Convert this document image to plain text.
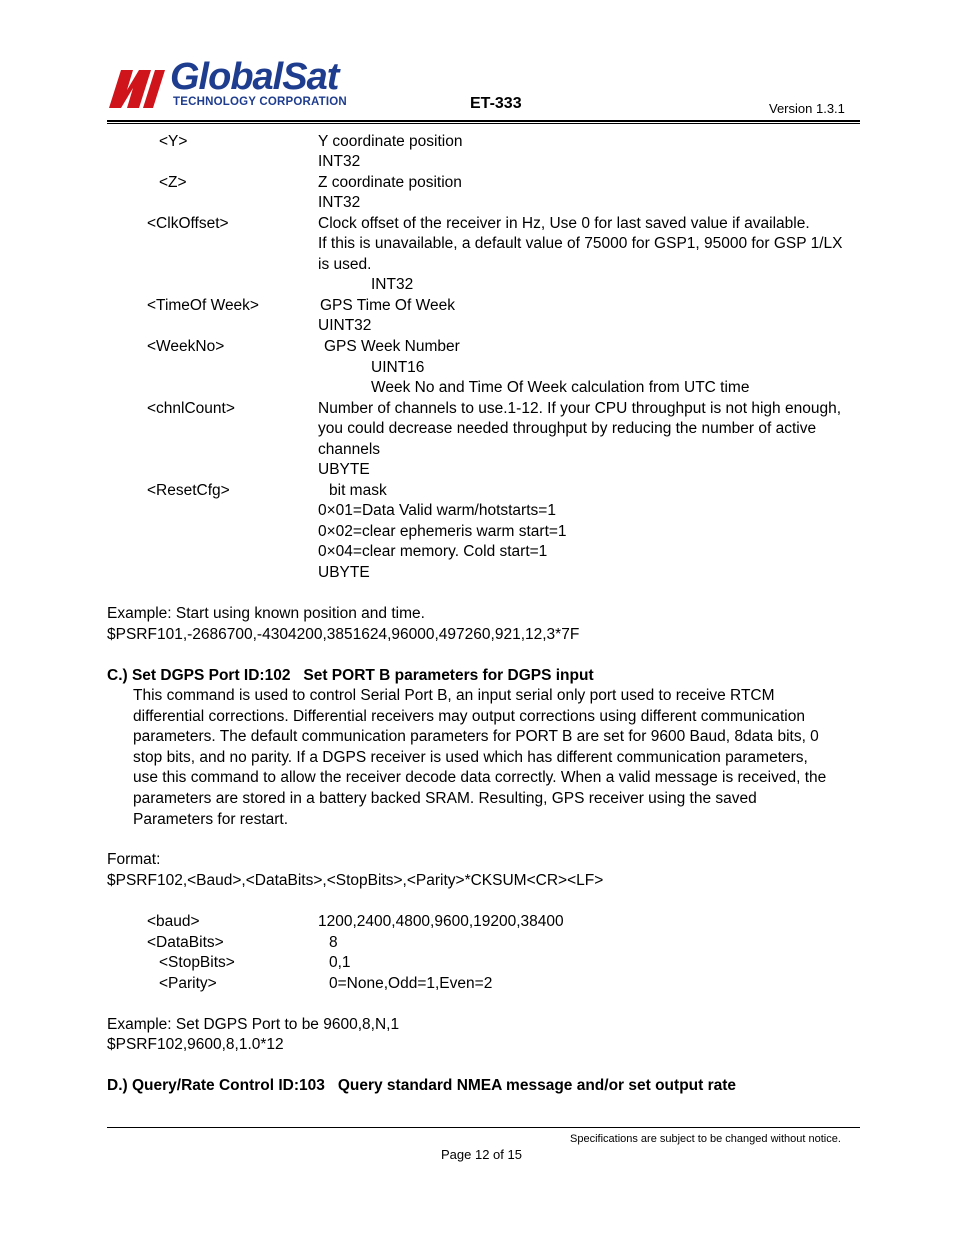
GlobalSat
TECHNOLOGY CORPORATION	ET-333	Version 1.3.1
<Y>	Y coordinate position
INT32
<Z>	Z coordinate position
INT32
<ClkOffset>	Clock offset of the receiver in Hz, Use 0 for last saved value if available.
If this is unavailable, a default value of 75000 for GSP1, 95000 for GSP 1/LX
is used.
INT32
<TimeOf Week>	GPS Time Of Week
UINT32
<WeekNo>	GPS Week Number
UINT16
Week No and Time Of Week calculation from UTC time
<chnlCount>	Number of channels to use.1-12. If your CPU throughput is not high enough,
you could decrease needed throughput by reducing the number of active
channels
UBYTE
<ResetCfg>	bit mask
0×01=Data Valid warm/hotstarts=1
0×02=clear ephemeris warm start=1
0×04=clear memory. Cold start=1
UBYTE
Example: Start using known position and time.
$PSRF101,-2686700,-4304200,3851624,96000,497260,921,12,3*7F
C.) Set DGPS Port ID:102   Set PORT B parameters for DGPS input
This command is used to control Serial Port B, an input serial only port used to receive RTCM
differential corrections. Differential receivers may output corrections using different communication
parameters. The default communication parameters for PORT B are set for 9600 Baud, 8data bits, 0
stop bits, and no parity. If a DGPS receiver is used which has different communication parameters,
use this command to allow the receiver decode data correctly. When a valid message is received, the
parameters are stored in a battery backed SRAM. Resulting, GPS receiver using the saved
Parameters for restart.
Format:
$PSRF102,<Baud>,<DataBits>,<StopBits>,<Parity>*CKSUM<CR><LF>
<baud>	1200,2400,4800,9600,19200,38400
<DataBits>	8
<StopBits>	0,1
<Parity>	0=None,Odd=1,Even=2
Example: Set DGPS Port to be 9600,8,N,1
$PSRF102,9600,8,1.0*12
D.) Query/Rate Control ID:103   Query standard NMEA message and/or set output rate
Specifications are subject to be changed without notice.
Page 12 of 15
